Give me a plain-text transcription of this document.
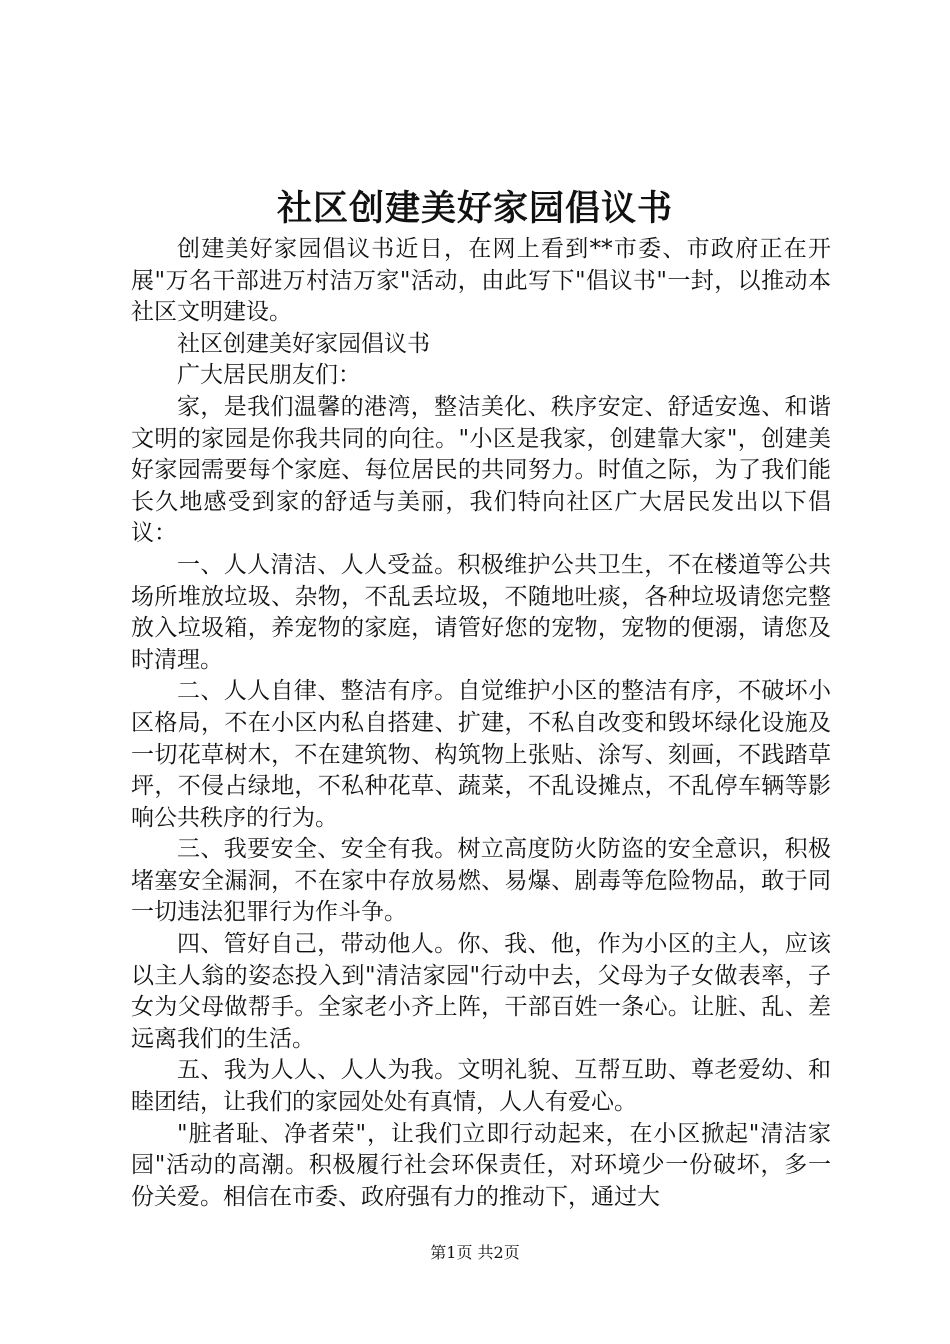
社区创建美好家园倡议书

创建美好家园倡议书近日，在网上看到**市委、市政府正在开展"万名干部进万村洁万家"活动，由此写下"倡议书"一封，以推动本社区文明建设。

社区创建美好家园倡议书

广大居民朋友们：

家，是我们温馨的港湾，整洁美化、秩序安定、舒适安逸、和谐文明的家园是你我共同的向往。"小区是我家，创建靠大家"，创建美好家园需要每个家庭、每位居民的共同努力。时值之际，为了我们能长久地感受到家的舒适与美丽，我们特向社区广大居民发出以下倡议：

一、人人清洁、人人受益。积极维护公共卫生，不在楼道等公共场所堆放垃圾、杂物，不乱丢垃圾，不随地吐痰，各种垃圾请您完整放入垃圾箱，养宠物的家庭，请管好您的宠物，宠物的便溺，请您及时清理。

二、人人自律、整洁有序。自觉维护小区的整洁有序，不破坏小区格局，不在小区内私自搭建、扩建，不私自改变和毁坏绿化设施及一切花草树木，不在建筑物、构筑物上张贴、涂写、刻画，不践踏草坪，不侵占绿地，不私种花草、蔬菜，不乱设摊点，不乱停车辆等影响公共秩序的行为。

三、我要安全、安全有我。树立高度防火防盗的安全意识，积极堵塞安全漏洞，不在家中存放易燃、易爆、剧毒等危险物品，敢于同一切违法犯罪行为作斗争。

四、管好自己，带动他人。你、我、他，作为小区的主人，应该以主人翁的姿态投入到"清洁家园"行动中去，父母为子女做表率，子女为父母做帮手。全家老小齐上阵，干部百姓一条心。让脏、乱、差远离我们的生活。

五、我为人人、人人为我。文明礼貌、互帮互助、尊老爱幼、和睦团结，让我们的家园处处有真情，人人有爱心。

"脏者耻、净者荣"，让我们立即行动起来，在小区掀起"清洁家园"活动的高潮。积极履行社会环保责任，对环境少一份破坏，多一份关爱。相信在市委、政府强有力的推动下，通过大

第1页 共2页
